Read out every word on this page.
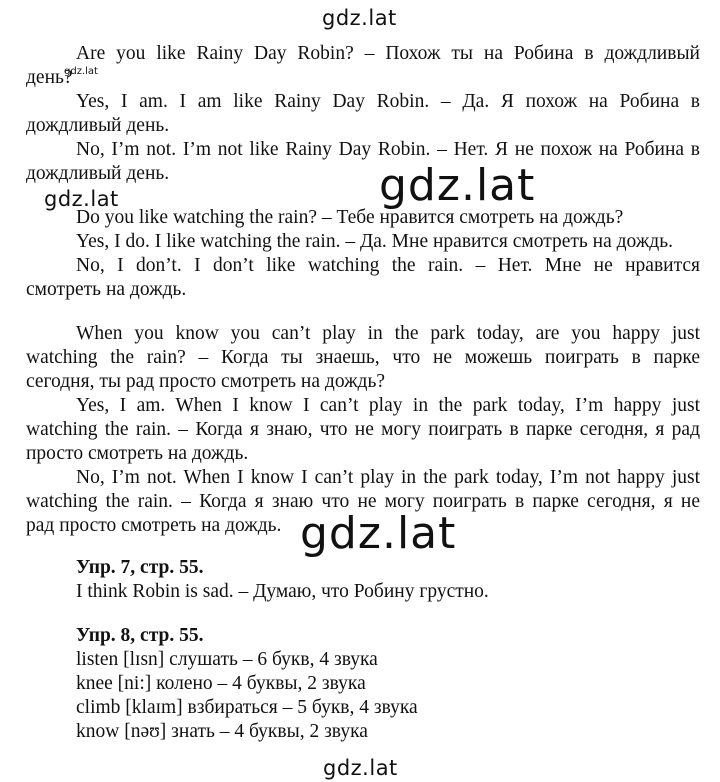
gdz.lat
gdz.lat
gdz.lat	gdz.lat
gdz.lat
gdz.lat
Are you like Rainy Day Robin? – Похож ты на Робина в дождливый
день?
Yes, I am. I am like Rainy Day Robin. – Да. Я похож на Робина в
дождливый день.
No, I’m not. I’m not like Rainy Day Robin. – Нет. Я не похож на Робина в
дождливый день.
Do you like watching the rain? – Тебе нравится смотреть на дождь?
Yes, I do. I like watching the rain. – Да. Мне нравится смотреть на дождь.
No, I don’t. I don’t like watching the rain. – Нет. Мне не нравится
смотреть на дождь.
When you know you can’t play in the park today, are you happy just
watching the rain? – Когда ты знаешь, что не можешь поиграть в парке
сегодня, ты рад просто смотреть на дождь?
Yes, I am. When I know I can’t play in the park today, I’m happy just
watching the rain. – Когда я знаю, что не могу поиграть в парке сегодня, я рад
просто смотреть на дождь.
No, I’m not. When I know I can’t play in the park today, I’m not happy just
watching the rain. – Когда я знаю что не могу поиграть в парке сегодня, я не
рад просто смотреть на дождь.
Упр. 7, стр. 55.
I think Robin is sad. – Думаю, что Робину грустно.
Упр. 8, стр. 55.
listen [lɪsn] слушать – 6 букв, 4 звука
knee [ni:] колено – 4 буквы, 2 звука
climb [klaɪm] взбираться – 5 букв, 4 звука
know [nəʊ] знать – 4 буквы, 2 звука
